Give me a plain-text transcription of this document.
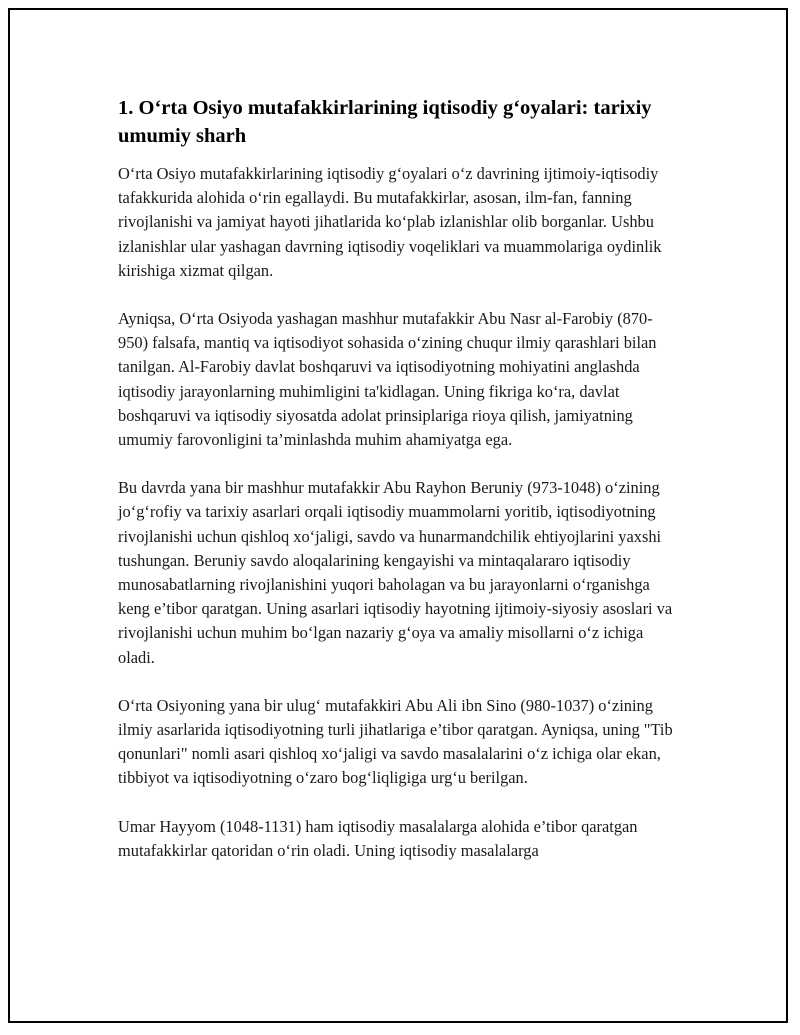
1. O‘rta Osiyo mutafakkirlarining iqtisodiy g‘oyalari: tarixiy umumiy sharh

O‘rta Osiyo mutafakkirlarining iqtisodiy g‘oyalari o‘z davrining ijtimoiy-iqtisodiy tafakkurida alohida o‘rin egallaydi. Bu mutafakkirlar, asosan, ilm-fan, fanning rivojlanishi va jamiyat hayoti jihatlarida ko‘plab izlanishlar olib borganlar. Ushbu izlanishlar ular yashagan davrning iqtisodiy voqeliklari va muammolariga oydinlik kirishiga xizmat qilgan.

Ayniqsa, O‘rta Osiyoda yashagan mashhur mutafakkir Abu Nasr al-Farobiy (870-950) falsafa, mantiq va iqtisodiyot sohasida o‘zining chuqur ilmiy qarashlari bilan tanilgan. Al-Farobiy davlat boshqaruvi va iqtisodiyotning mohiyatini anglashda iqtisodiy jarayonlarning muhimligini ta'kidlagan. Uning fikriga ko‘ra, davlat boshqaruvi va iqtisodiy siyosatda adolat prinsiplariga rioya qilish, jamiyatning umumiy farovonligini ta’minlashda muhim ahamiyatga ega.

Bu davrda yana bir mashhur mutafakkir Abu Rayhon Beruniy (973-1048) o‘zining jo‘g‘rofiy va tarixiy asarlari orqali iqtisodiy muammolarni yoritib, iqtisodiyotning rivojlanishi uchun qishloq xo‘jaligi, savdo va hunarmandchilik ehtiyojlarini yaxshi tushungan. Beruniy savdo aloqalarining kengayishi va mintaqalararo iqtisodiy munosabatlarning rivojlanishini yuqori baholagan va bu jarayonlarni o‘rganishga keng e’tibor qaratgan. Uning asarlari iqtisodiy hayotning ijtimoiy-siyosiy asoslari va rivojlanishi uchun muhim bo‘lgan nazariy g‘oya va amaliy misollarni o‘z ichiga oladi.

O‘rta Osiyoning yana bir ulug‘ mutafakkiri Abu Ali ibn Sino (980-1037) o‘zining ilmiy asarlarida iqtisodiyotning turli jihatlariga e’tibor qaratgan. Ayniqsa, uning "Tib qonunlari" nomli asari qishloq xo‘jaligi va savdo masalalarini o‘z ichiga olar ekan, tibbiyot va iqtisodiyotning o‘zaro bog‘liqligiga urg‘u berilgan.

Umar Hayyom (1048-1131) ham iqtisodiy masalalarga alohida e’tibor qaratgan mutafakkirlar qatoridan o‘rin oladi. Uning iqtisodiy masalalarga
